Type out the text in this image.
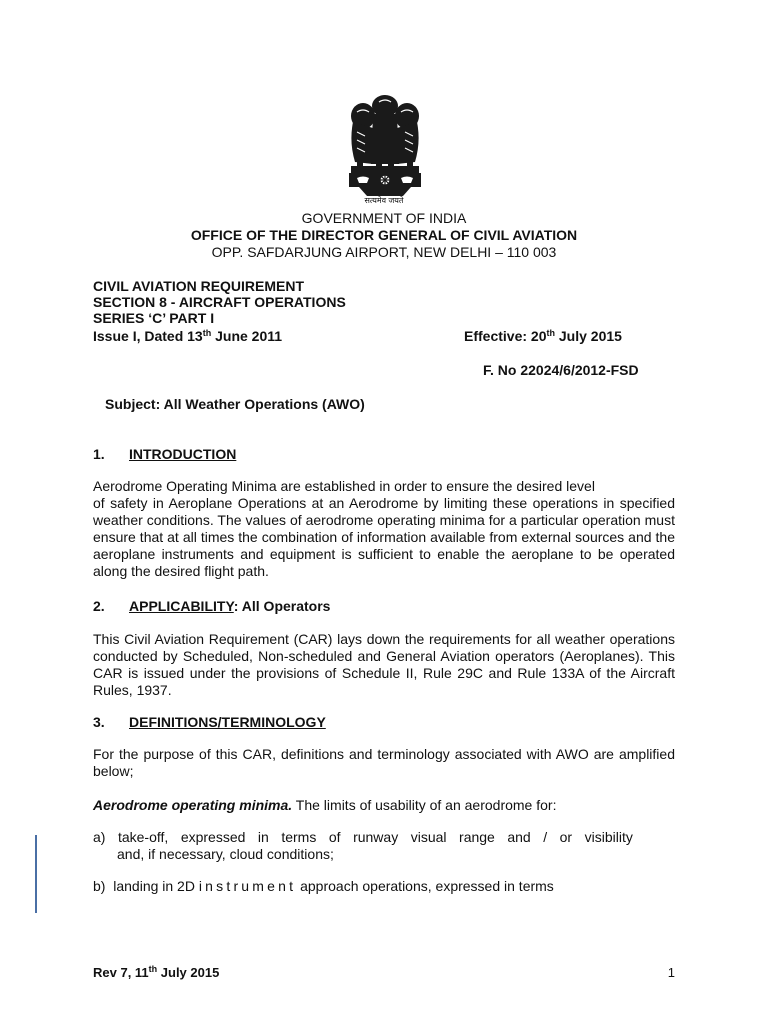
सत्यमेव जयते
GOVERNMENT OF INDIA
OFFICE OF THE DIRECTOR GENERAL OF CIVIL AVIATION
OPP. SAFDARJUNG AIRPORT, NEW DELHI – 110 003
CIVIL AVIATION REQUIREMENT
SECTION 8 - AIRCRAFT OPERATIONS
SERIES ‘C’ PART I
Issue I, Dated 13th June 2011	Effective: 20th July 2015
F. No 22024/6/2012-FSD
Subject: All Weather Operations (AWO)
1. INTRODUCTION
Aerodrome Operating Minima are established in order to ensure the desired level
of safety in Aeroplane Operations at an Aerodrome by limiting these operations in specified weather conditions. The values of aerodrome operating minima for a particular operation must ensure that at all times the combination of information available from external sources and the aeroplane instruments and equipment is sufficient to enable the aeroplane to be operated along the desired flight path.
2. APPLICABILITY: All Operators
This Civil Aviation Requirement (CAR) lays down the requirements for all weather operations conducted by Scheduled, Non-scheduled and General Aviation operators (Aeroplanes). This CAR is issued under the provisions of Schedule II, Rule 29C and Rule 133A of the Aircraft Rules, 1937.
3. DEFINITIONS/TERMINOLOGY
For the purpose of this CAR, definitions and terminology associated with AWO are amplified below;
Aerodrome operating minima. The limits of usability of an aerodrome for:
a) take-off, expressed in terms of runway visual range and / or visibility
and, if necessary, cloud conditions;
b) landing in 2D instrument approach operations, expressed in terms
Rev 7, 11th July 2015	1
